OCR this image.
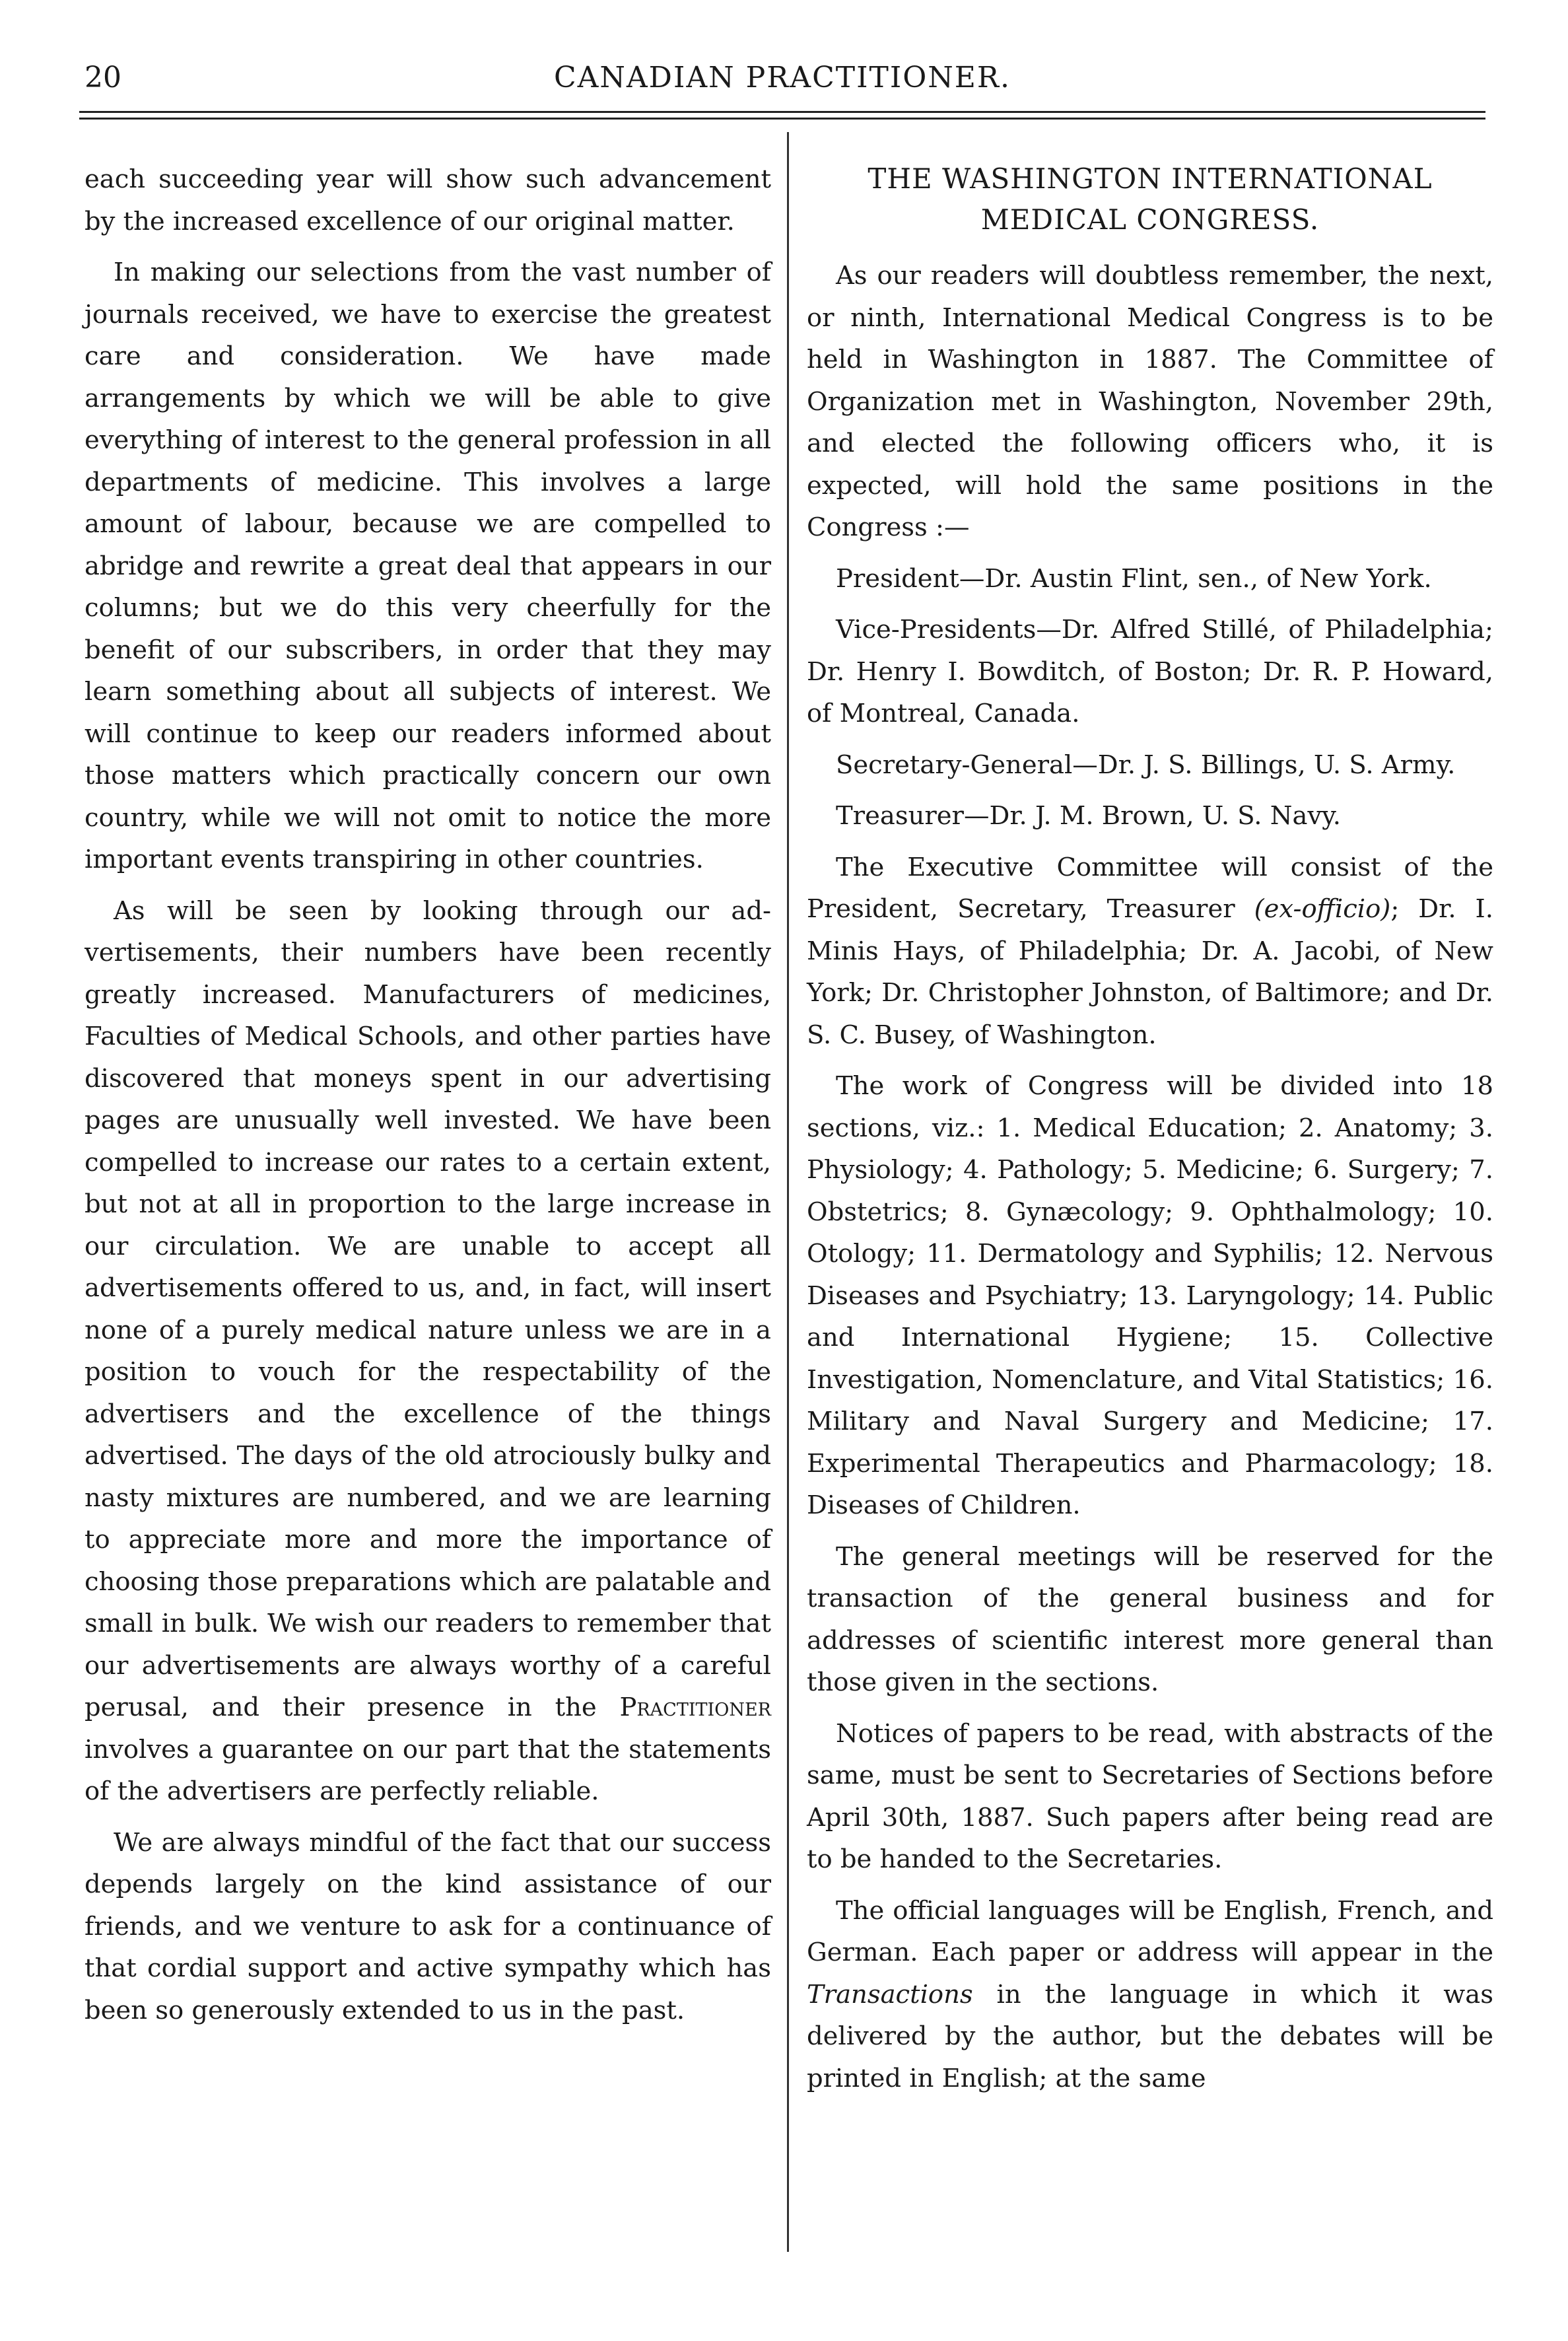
20	CANADIAN PRACTITIONER.

each succeeding year will show such advancement by the increased excellence of our original matter.

In making our selections from the vast number of journals received, we have to exercise the greatest care and consideration. We have made arrangements by which we will be able to give everything of interest to the general profession in all departments of medicine. This involves a large amount of labour, because we are compelled to abridge and rewrite a great deal that appears in our columns; but we do this very cheerfully for the benefit of our subscribers, in order that they may learn something about all subjects of interest. We will continue to keep our readers informed about those matters which practically concern our own country, while we will not omit to notice the more important events transpiring in other countries.

As will be seen by looking through our advertisements, their numbers have been recently greatly increased. Manufacturers of medicines, Faculties of Medical Schools, and other parties have discovered that moneys spent in our advertising pages are unusually well invested. We have been compelled to increase our rates to a certain extent, but not at all in proportion to the large increase in our circulation. We are unable to accept all advertisements offered to us, and, in fact, will insert none of a purely medical nature unless we are in a position to vouch for the respectability of the advertisers and the excellence of the things advertised. The days of the old atrociously bulky and nasty mixtures are numbered, and we are learning to appreciate more and more the importance of choosing those preparations which are palatable and small in bulk. We wish our readers to remember that our advertisements are always worthy of a careful perusal, and their presence in the Practitioner involves a guarantee on our part that the statements of the advertisers are perfectly reliable.

We are always mindful of the fact that our success depends largely on the kind assistance of our friends, and we venture to ask for a continuance of that cordial support and active sympathy which has been so generously extended to us in the past.

THE WASHINGTON INTERNATIONAL MEDICAL CONGRESS.

As our readers will doubtless remember, the next, or ninth, International Medical Congress is to be held in Washington in 1887. The Committee of Organization met in Washington, November 29th, and elected the following officers who, it is expected, will hold the same positions in the Congress :—

President—Dr. Austin Flint, sen., of New York.

Vice-Presidents—Dr. Alfred Stillé, of Philadelphia; Dr. Henry I. Bowditch, of Boston; Dr. R. P. Howard, of Montreal, Canada.

Secretary-General—Dr. J. S. Billings, U. S. Army.

Treasurer—Dr. J. M. Brown, U. S. Navy.

The Executive Committee will consist of the President, Secretary, Treasurer (ex-officio); Dr. I. Minis Hays, of Philadelphia; Dr. A. Jacobi, of New York; Dr. Christopher Johnston, of Baltimore; and Dr. S. C. Busey, of Washington.

The work of Congress will be divided into 18 sections, viz.: 1. Medical Education; 2. Anatomy; 3. Physiology; 4. Pathology; 5. Medicine; 6. Surgery; 7. Obstetrics; 8. Gynæcology; 9. Ophthalmology; 10. Otology; 11. Dermatology and Syphilis; 12. Nervous Diseases and Psychiatry; 13. Laryngology; 14. Public and International Hygiene; 15. Collective Investigation, Nomenclature, and Vital Statistics; 16. Military and Naval Surgery and Medicine; 17. Experimental Therapeutics and Pharmacology; 18. Diseases of Children.

The general meetings will be reserved for the transaction of the general business and for addresses of scientific interest more general than those given in the sections.

Notices of papers to be read, with abstracts of the same, must be sent to Secretaries of Sections before April 30th, 1887. Such papers after being read are to be handed to the Secretaries.

The official languages will be English, French, and German. Each paper or address will appear in the Transactions in the language in which it was delivered by the author, but the debates will be printed in English; at the same
